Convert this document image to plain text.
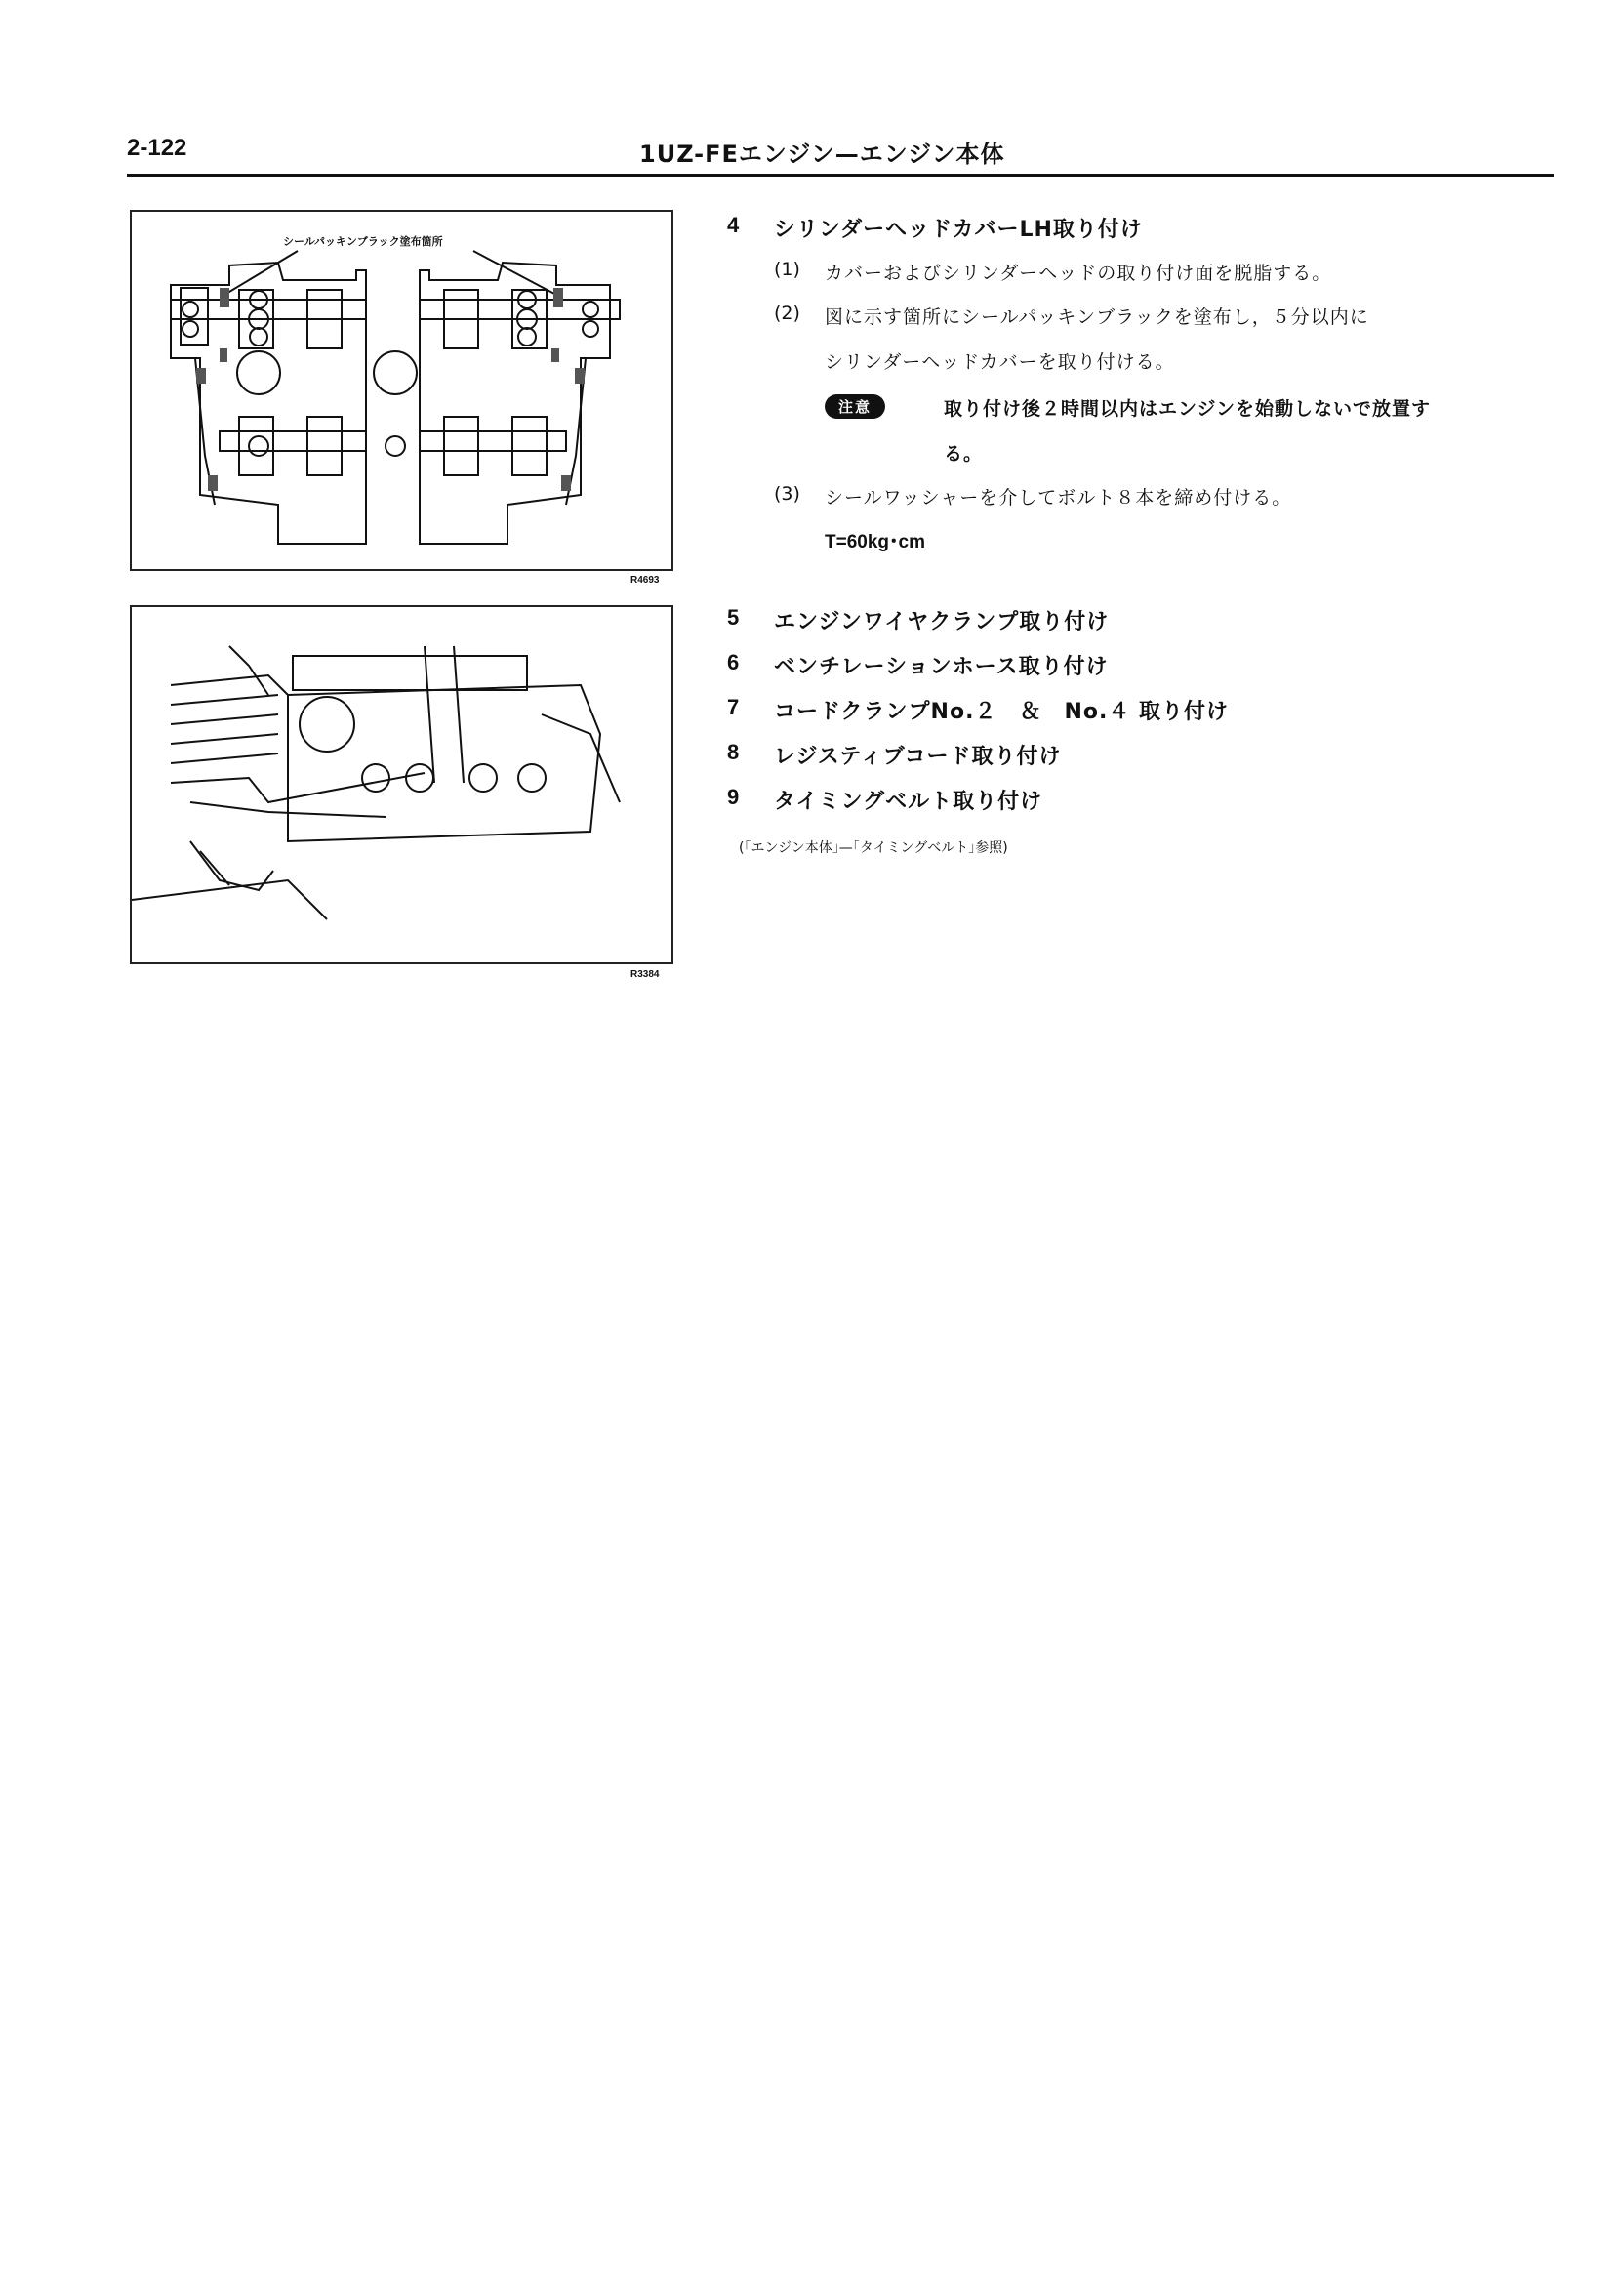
2-122	1UZ-FEエンジン—エンジン本体
シールパッキンブラック塗布箇所
R4693
R3384
4 シリンダーヘッドカバーLH取り付け
(1) カバーおよびシリンダーヘッドの取り付け面を脱脂する。
(2) 図に示す箇所にシールパッキンブラックを塗布し，５分以内に
シリンダーヘッドカバーを取り付ける。
注意	取り付け後２時間以内はエンジンを始動しないで放置す
る。
(3) シールワッシャーを介してボルト８本を締め付ける。
T=60kg･cm
5 エンジンワイヤクランプ取り付け
6 ベンチレーションホース取り付け
7 コードクランプNo.２　＆　No.４ 取り付け
8 レジスティブコード取り付け
9 タイミングベルト取り付け
(｢エンジン本体｣—｢タイミングベルト｣参照)
